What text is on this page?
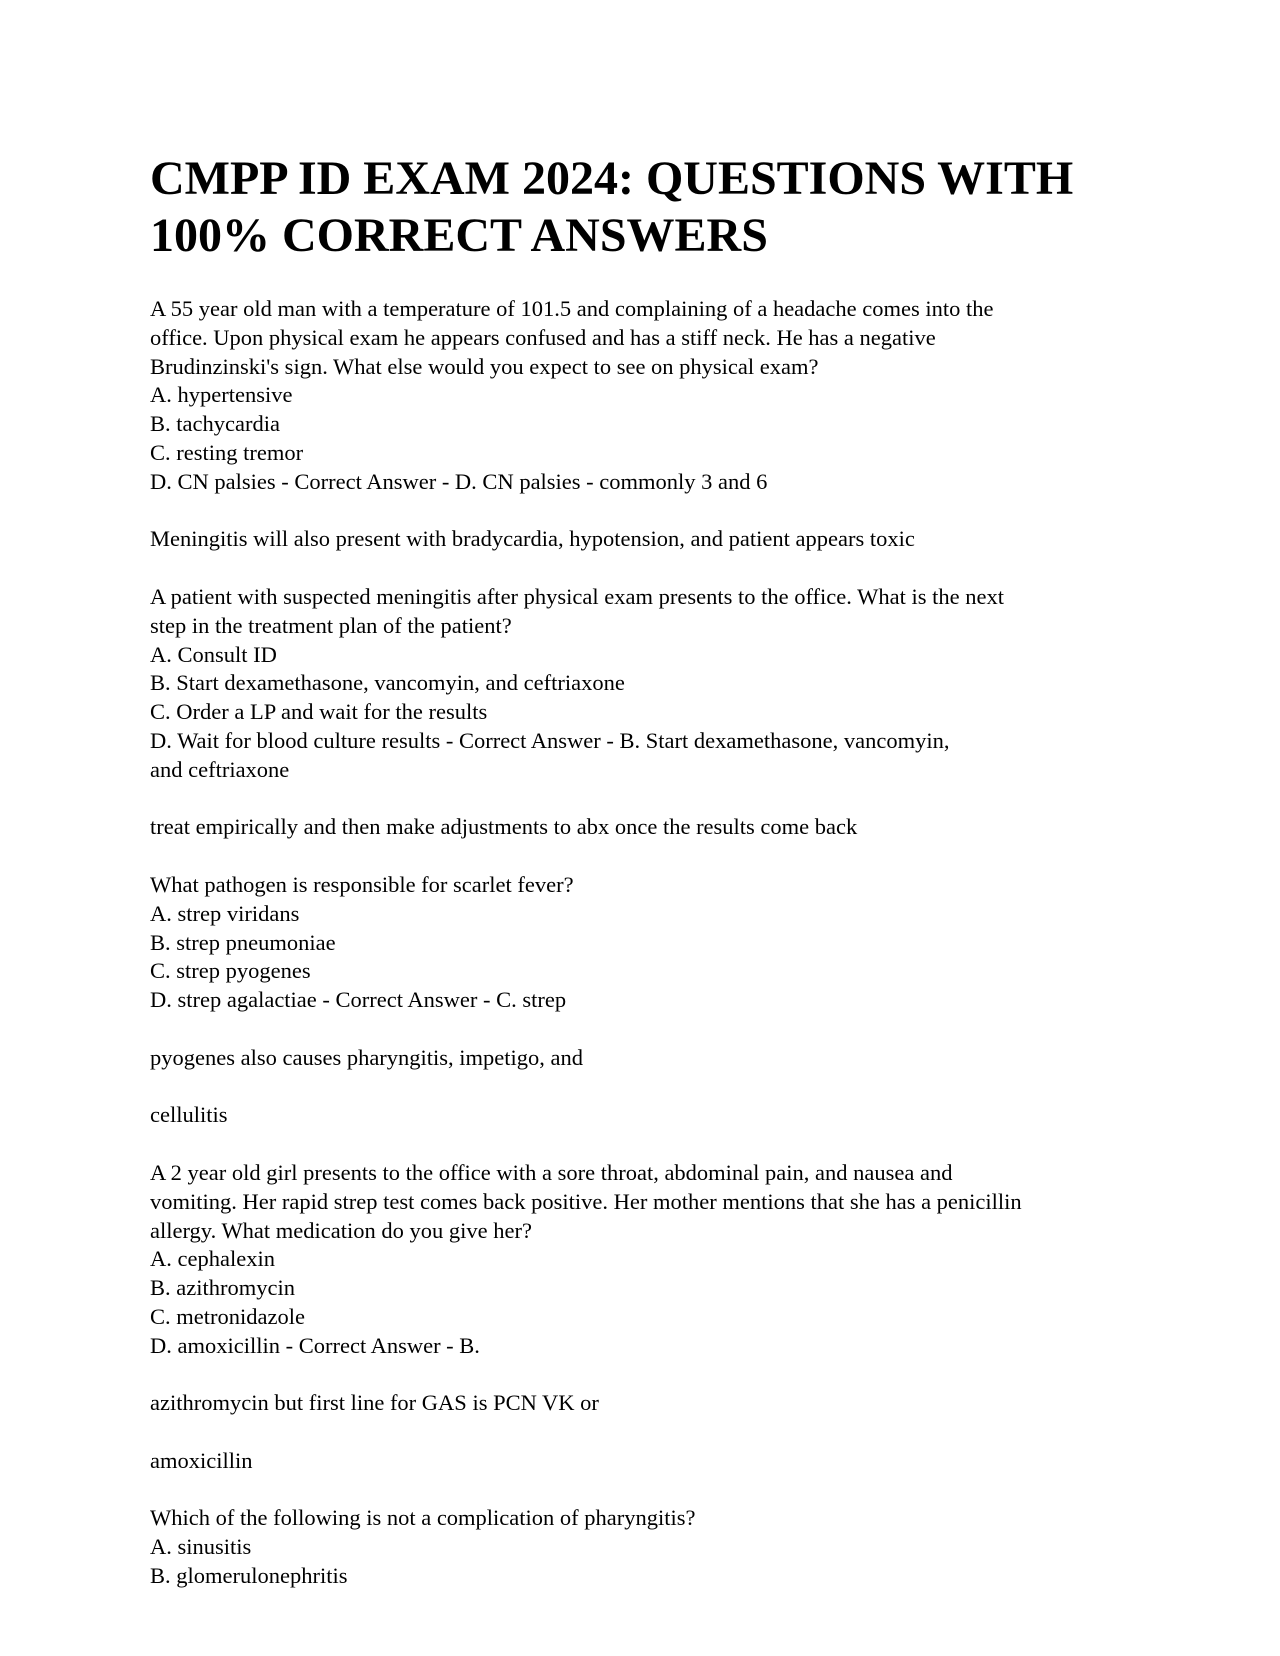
CMPP ID EXAM 2024: QUESTIONS WITH
100% CORRECT ANSWERS

A 55 year old man with a temperature of 101.5 and complaining of a headache comes into the

office. Upon physical exam he appears confused and has a stiff neck. He has a negative

Brudinzinski's sign. What else would you expect to see on physical exam?

A. hypertensive

B. tachycardia

C. resting tremor

D. CN palsies - Correct Answer - D. CN palsies - commonly 3 and 6

Meningitis will also present with bradycardia, hypotension, and patient appears toxic

A patient with suspected meningitis after physical exam presents to the office. What is the next

step in the treatment plan of the patient?

A. Consult ID

B. Start dexamethasone, vancomyin, and ceftriaxone

C. Order a LP and wait for the results

D. Wait for blood culture results - Correct Answer - B. Start dexamethasone, vancomyin,

and ceftriaxone

treat empirically and then make adjustments to abx once the results come back

What pathogen is responsible for scarlet fever?

A. strep viridans

B. strep pneumoniae

C. strep pyogenes

D. strep agalactiae - Correct Answer - C. strep

pyogenes also causes pharyngitis, impetigo, and

cellulitis

A 2 year old girl presents to the office with a sore throat, abdominal pain, and nausea and

vomiting. Her rapid strep test comes back positive. Her mother mentions that she has a penicillin

allergy. What medication do you give her?

A. cephalexin

B. azithromycin

C. metronidazole

D. amoxicillin - Correct Answer - B.

azithromycin but first line for GAS is PCN VK or

amoxicillin

Which of the following is not a complication of pharyngitis?

A. sinusitis

B. glomerulonephritis
